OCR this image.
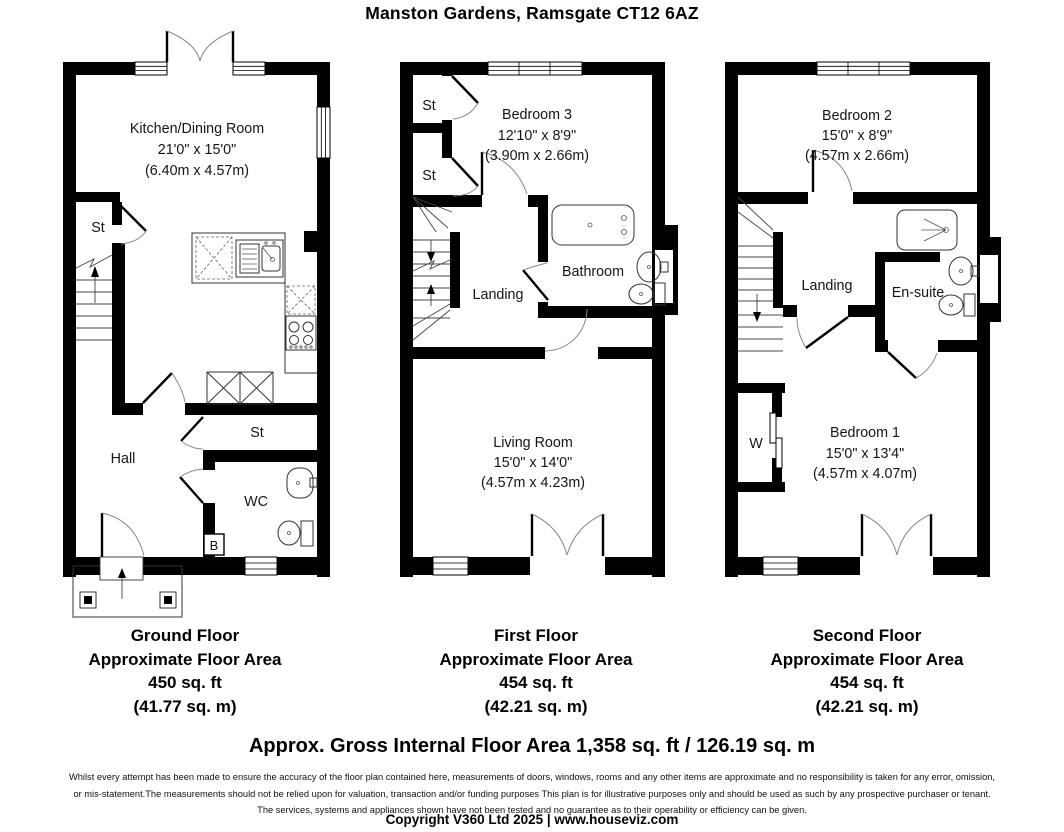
Manston Gardens, Ramsgate CT12 6AZ
Kitchen/Dining Room
21'0" x 15'0"
(6.40m x 4.57m)
St
Hall
St
WC
B
Bedroom 3
12'10" x 8'9"
(3.90m x 2.66m)
St
St
Landing
Bathroom
Living Room
15'0" x 14'0"
(4.57m x 4.23m)
Bedroom 2
15'0" x 8'9"
(4.57m x 2.66m)
Landing	En-suite
W
Bedroom 1
15'0" x 13'4"
(4.57m x 4.07m)
Ground Floor
Approximate Floor Area
450 sq. ft
(41.77 sq. m)
First Floor
Approximate Floor Area
454 sq. ft
(42.21 sq. m)
Second Floor
Approximate Floor Area
454 sq. ft
(42.21 sq. m)
Approx. Gross Internal Floor Area 1,358 sq. ft / 126.19 sq. m
Whilst every attempt has been made to ensure the accuracy of the floor plan contained here, measurements of doors, windows, rooms and any other items are approximate and no responsibility is taken for any error, omission,
or mis-statement.The measurements should not be relied upon for valuation, transaction and/or funding purposes This plan is for illustrative purposes only and should be used as such by any prospective purchaser or tenant.
The services, systems and appliances shown have not been tested and no guarantee as to their operability or efficiency can be given.
Copyright V360 Ltd 2025 | www.houseviz.com
